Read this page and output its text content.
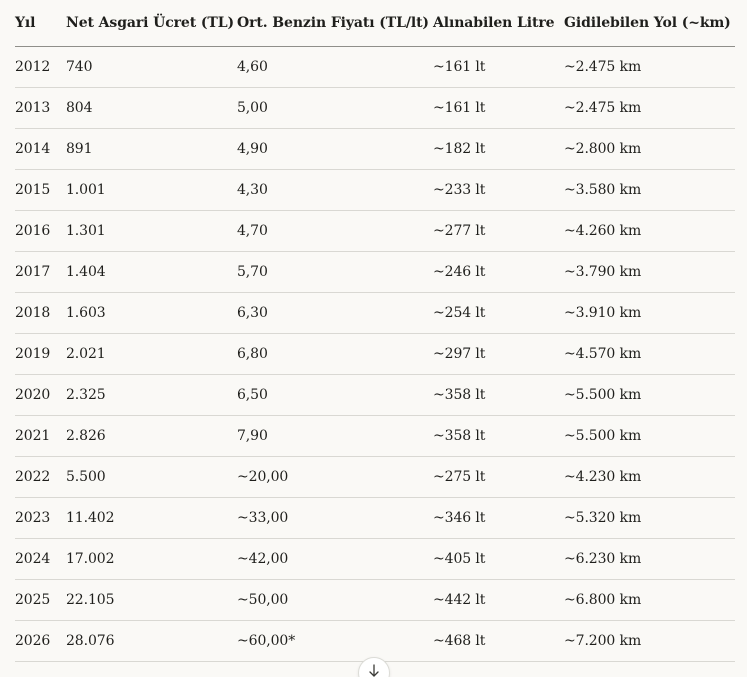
Yıl	Net Asgari Ücret (TL)	Ort. Benzin Fiyatı (TL/lt)	Alınabilen Litre	Gidilebilen Yol (~km)
2012	740	4,60	~161 lt	~2.475 km
2013	804	5,00	~161 lt	~2.475 km
2014	891	4,90	~182 lt	~2.800 km
2015	1.001	4,30	~233 lt	~3.580 km
2016	1.301	4,70	~277 lt	~4.260 km
2017	1.404	5,70	~246 lt	~3.790 km
2018	1.603	6,30	~254 lt	~3.910 km
2019	2.021	6,80	~297 lt	~4.570 km
2020	2.325	6,50	~358 lt	~5.500 km
2021	2.826	7,90	~358 lt	~5.500 km
2022	5.500	~20,00	~275 lt	~4.230 km
2023	11.402	~33,00	~346 lt	~5.320 km
2024	17.002	~42,00	~405 lt	~6.230 km
2025	22.105	~50,00	~442 lt	~6.800 km
2026	28.076	~60,00*	~468 lt	~7.200 km
